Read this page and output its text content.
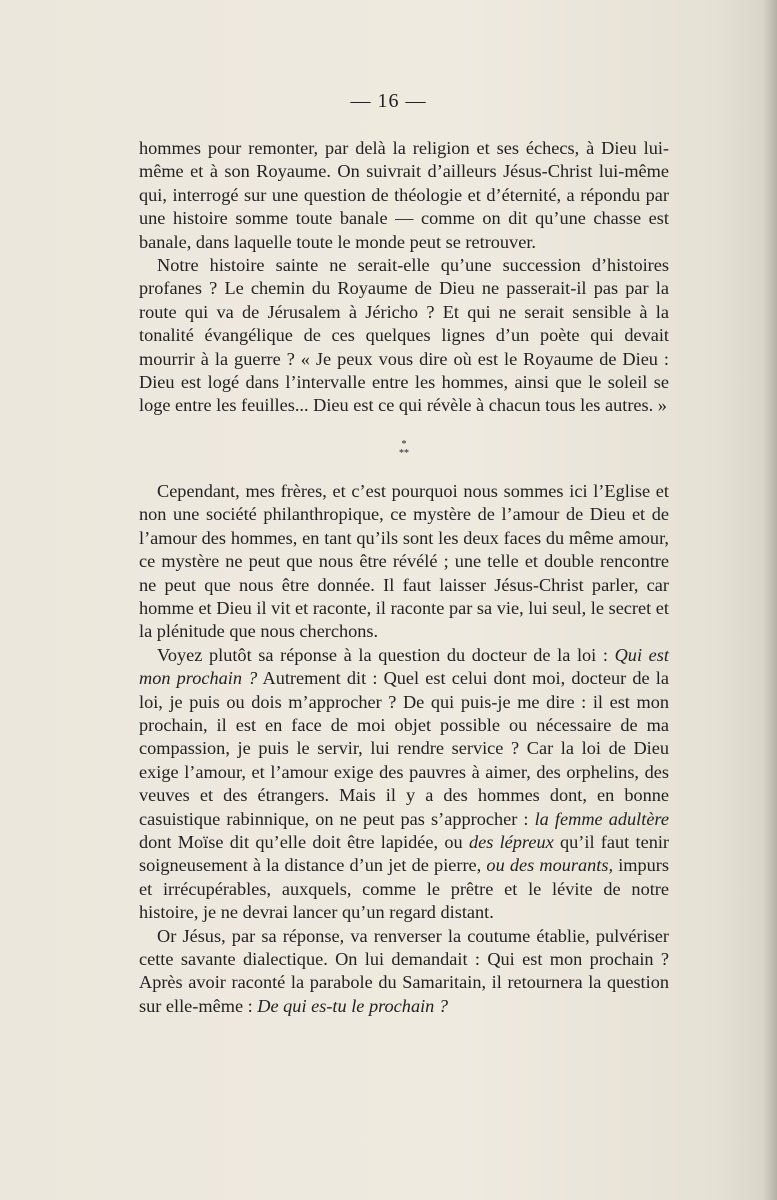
— 16 —

hommes pour remonter, par delà la religion et ses échecs, à Dieu lui-même et à son Royaume. On suivrait d’ailleurs Jésus-Christ lui-même qui, interrogé sur une question de théologie et d’éternité, a répondu par une histoire somme toute banale — comme on dit qu’une chasse est banale, dans laquelle toute le monde peut se retrouver.

Notre histoire sainte ne serait-elle qu’une succession d’histoires profanes ? Le chemin du Royaume de Dieu ne passerait-il pas par la route qui va de Jérusalem à Jéricho ? Et qui ne serait sensible à la tonalité évangélique de ces quelques lignes d’un poète qui devait mourrir à la guerre ? « Je peux vous dire où est le Royaume de Dieu : Dieu est logé dans l’intervalle entre les hommes, ainsi que le soleil se loge entre les feuilles... Dieu est ce qui révèle à chacun tous les autres. »

*
**

Cependant, mes frères, et c’est pourquoi nous sommes ici l’Eglise et non une société philanthropique, ce mystère de l’amour de Dieu et de l’amour des hommes, en tant qu’ils sont les deux faces du même amour, ce mystère ne peut que nous être révélé ; une telle et double rencontre ne peut que nous être donnée. Il faut laisser Jésus-Christ parler, car homme et Dieu il vit et raconte, il raconte par sa vie, lui seul, le secret et la plénitude que nous cherchons.

Voyez plutôt sa réponse à la question du docteur de la loi : Qui est mon prochain ? Autrement dit : Quel est celui dont moi, docteur de la loi, je puis ou dois m’approcher ? De qui puis-je me dire : il est mon prochain, il est en face de moi objet possible ou nécessaire de ma compassion, je puis le servir, lui rendre service ? Car la loi de Dieu exige l’amour, et l’amour exige des pauvres à aimer, des orphelins, des veuves et des étrangers. Mais il y a des hommes dont, en bonne casuistique rabinnique, on ne peut pas s’approcher : la femme adultère dont Moïse dit qu’elle doit être lapidée, ou des lépreux qu’il faut tenir soigneusement à la distance d’un jet de pierre, ou des mourants, impurs et irrécupérables, auxquels, comme le prêtre et le lévite de notre histoire, je ne devrai lancer qu’un regard distant.

Or Jésus, par sa réponse, va renverser la coutume établie, pulvériser cette savante dialectique. On lui demandait : Qui est mon prochain ? Après avoir raconté la parabole du Samaritain, il retournera la question sur elle-même : De qui es-tu le prochain ?
